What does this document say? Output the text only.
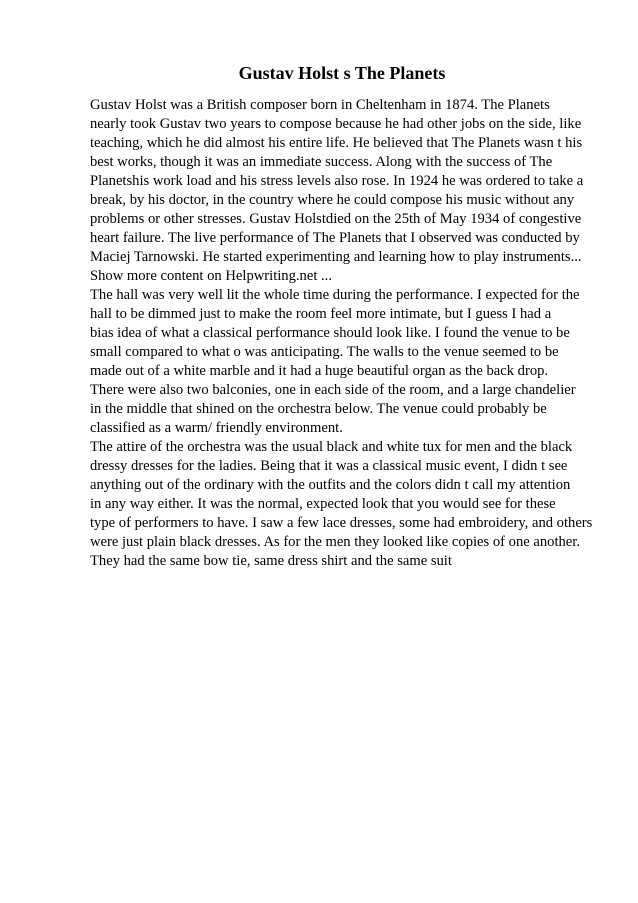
Gustav Holst s The Planets
Gustav Holst was a British composer born in Cheltenham in 1874. The Planets
nearly took Gustav two years to compose because he had other jobs on the side, like
teaching, which he did almost his entire life. He believed that The Planets wasn t his
best works, though it was an immediate success. Along with the success of The
Planetshis work load and his stress levels also rose. In 1924 he was ordered to take a
break, by his doctor, in the country where he could compose his music without any
problems or other stresses. Gustav Holstdied on the 25th of May 1934 of congestive
heart failure. The live performance of The Planets that I observed was conducted by
Maciej Tarnowski. He started experimenting and learning how to play instruments...
Show more content on Helpwriting.net ...
The hall was very well lit the whole time during the performance. I expected for the
hall to be dimmed just to make the room feel more intimate, but I guess I had a
bias idea of what a classical performance should look like. I found the venue to be
small compared to what o was anticipating. The walls to the venue seemed to be
made out of a white marble and it had a huge beautiful organ as the back drop.
There were also two balconies, one in each side of the room, and a large chandelier
in the middle that shined on the orchestra below. The venue could probably be
classified as a warm/ friendly environment.
The attire of the orchestra was the usual black and white tux for men and the black
dressy dresses for the ladies. Being that it was a classical music event, I didn t see
anything out of the ordinary with the outfits and the colors didn t call my attention
in any way either. It was the normal, expected look that you would see for these
type of performers to have. I saw a few lace dresses, some had embroidery, and others
were just plain black dresses. As for the men they looked like copies of one another.
They had the same bow tie, same dress shirt and the same suit
